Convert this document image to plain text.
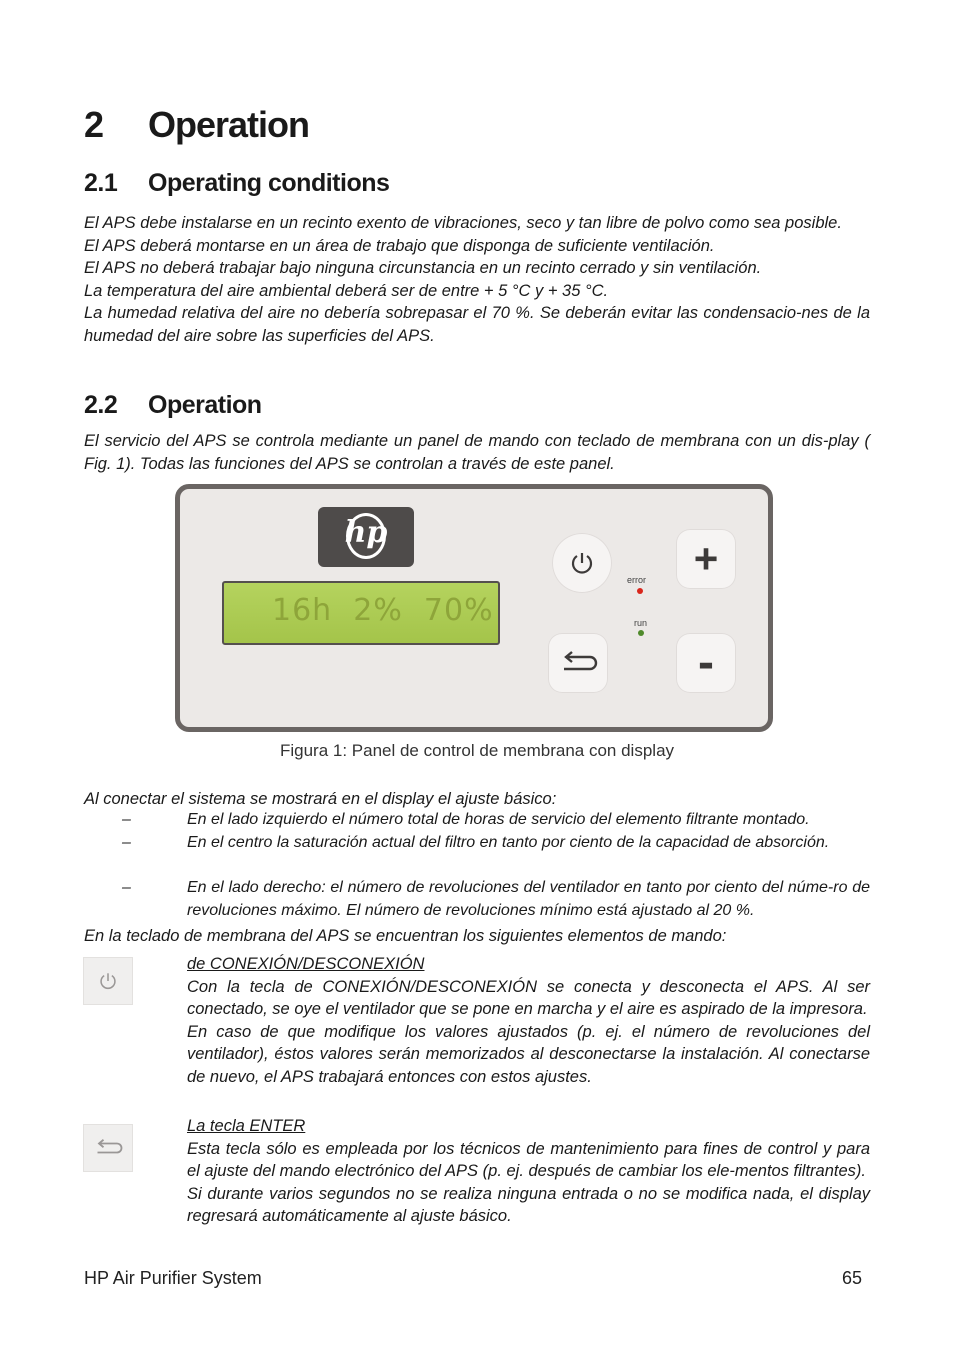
2 Operation
2.1 Operating conditions

El APS debe instalarse en un recinto exento de vibraciones, seco y tan libre de polvo como sea posible.

El APS deberá montarse en un área de trabajo que disponga de suficiente ventilación.

El APS no deberá trabajar bajo ninguna circunstancia en un recinto cerrado y sin ventilación.

La temperatura del aire ambiental deberá ser de entre + 5 °C y + 35 °C.

La humedad relativa del aire no debería sobrepasar el 70 %. Se deberán evitar las condensacio-nes de la humedad del aire sobre las superficies del APS.

2.2 Operation

El servicio del APS se controla mediante un panel de mando con teclado de membrana con un dis-play ( Fig. 1). Todas las funciones del APS se controlan a través de este panel.

hp
16h  2%  70%
+
-
error
run
Figura 1: Panel de control de membrana con display

Al conectar el sistema se mostrará en el display el ajuste básico:

–	En el lado izquierdo el número total de horas de servicio del elemento filtrante montado.
–	En el centro la saturación actual del filtro en tanto por ciento de la capacidad de absorción.
–	En el lado derecho: el número de revoluciones del ventilador en tanto por ciento del núme-ro de revoluciones máximo. El número de revoluciones mínimo está ajustado al 20 %.

En la teclado de membrana del APS se encuentran los siguientes elementos de mando:

de CONEXIÓN/DESCONEXIÓN

Con la tecla de CONEXIÓN/DESCONEXIÓN se conecta y desconecta el APS. Al ser conectado, se oye el ventilador que se pone en marcha y el aire es aspirado de la impresora.

En caso de que modifique los valores ajustados (p. ej. el número de revoluciones del ventilador), éstos valores serán memorizados al desconectarse la instalación. Al conectarse de nuevo, el APS trabajará entonces con estos ajustes.

La tecla ENTER

Esta tecla sólo es empleada por los técnicos de mantenimiento para fines de control y para el ajuste del mando electrónico del APS (p. ej. después de cambiar los ele-mentos filtrantes).

Si durante varios segundos no se realiza ninguna entrada o no se modifica nada, el display regresará automáticamente al ajuste básico.

HP Air Purifier System	65
